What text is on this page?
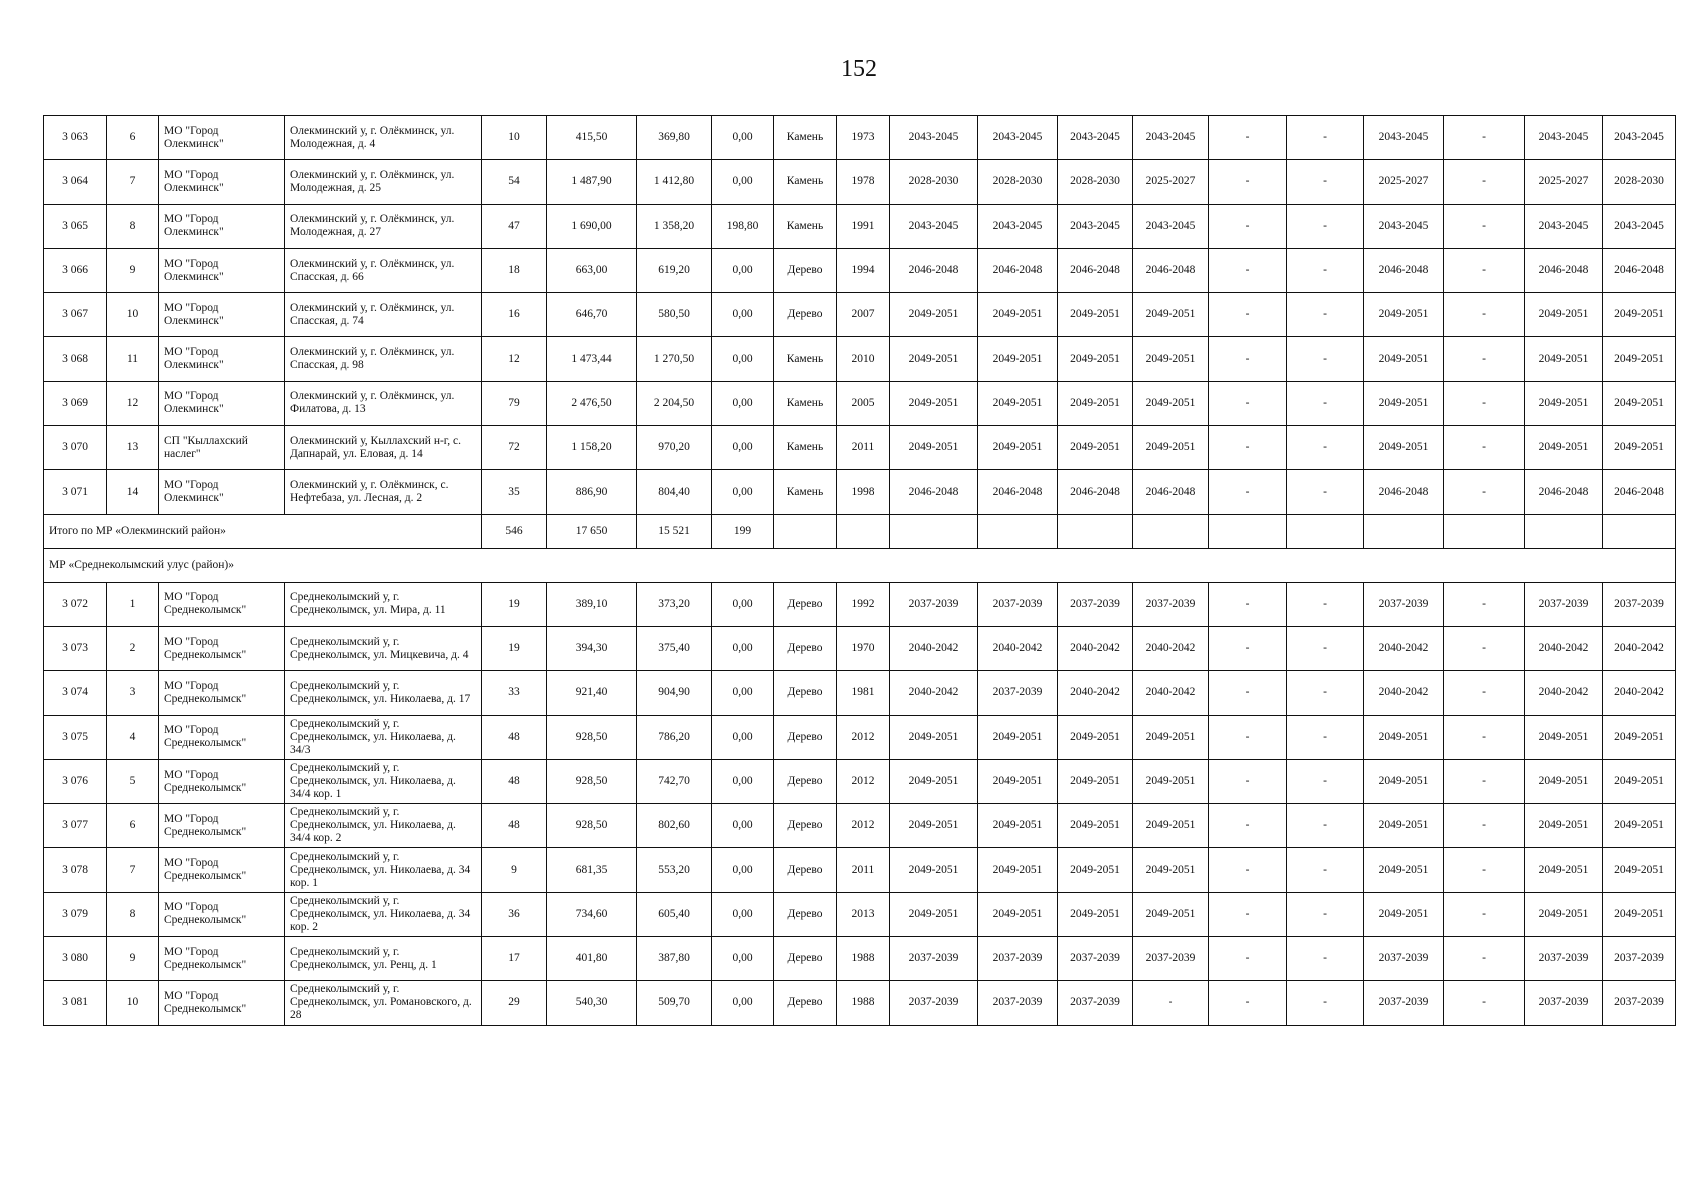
152
3 063	6	МО "Город Олекминск"	Олекминский у, г. Олёкминск, ул. Молодежная, д. 4	10	415,50	369,80	0,00	Камень	1973	2043-2045	2043-2045	2043-2045	2043-2045	-	-	2043-2045	-	2043-2045	2043-2045
3 064	7	МО "Город Олекминск"	Олекминский у, г. Олёкминск, ул. Молодежная, д. 25	54	1 487,90	1 412,80	0,00	Камень	1978	2028-2030	2028-2030	2028-2030	2025-2027	-	-	2025-2027	-	2025-2027	2028-2030
3 065	8	МО "Город Олекминск"	Олекминский у, г. Олёкминск, ул. Молодежная, д. 27	47	1 690,00	1 358,20	198,80	Камень	1991	2043-2045	2043-2045	2043-2045	2043-2045	-	-	2043-2045	-	2043-2045	2043-2045
3 066	9	МО "Город Олекминск"	Олекминский у, г. Олёкминск, ул. Спасская, д. 66	18	663,00	619,20	0,00	Дерево	1994	2046-2048	2046-2048	2046-2048	2046-2048	-	-	2046-2048	-	2046-2048	2046-2048
3 067	10	МО "Город Олекминск"	Олекминский у, г. Олёкминск, ул. Спасская, д. 74	16	646,70	580,50	0,00	Дерево	2007	2049-2051	2049-2051	2049-2051	2049-2051	-	-	2049-2051	-	2049-2051	2049-2051
3 068	11	МО "Город Олекминск"	Олекминский у, г. Олёкминск, ул. Спасская, д. 98	12	1 473,44	1 270,50	0,00	Камень	2010	2049-2051	2049-2051	2049-2051	2049-2051	-	-	2049-2051	-	2049-2051	2049-2051
3 069	12	МО "Город Олекминск"	Олекминский у, г. Олёкминск, ул. Филатова, д. 13	79	2 476,50	2 204,50	0,00	Камень	2005	2049-2051	2049-2051	2049-2051	2049-2051	-	-	2049-2051	-	2049-2051	2049-2051
3 070	13	СП "Кыллахский наслег"	Олекминский у, Кыллахский н-г, с. Дапнарай, ул. Еловая, д. 14	72	1 158,20	970,20	0,00	Камень	2011	2049-2051	2049-2051	2049-2051	2049-2051	-	-	2049-2051	-	2049-2051	2049-2051
3 071	14	МО "Город Олекминск"	Олекминский у, г. Олёкминск, с. Нефтебаза, ул. Лесная, д. 2	35	886,90	804,40	0,00	Камень	1998	2046-2048	2046-2048	2046-2048	2046-2048	-	-	2046-2048	-	2046-2048	2046-2048
Итого по МР «Олекминский район»				546	17 650	15 521	199												
МР «Среднеколымский улус (район)»																			
3 072	1	МО "Город Среднеколымск"	Среднеколымский у, г. Среднеколымск, ул. Мира, д. 11	19	389,10	373,20	0,00	Дерево	1992	2037-2039	2037-2039	2037-2039	2037-2039	-	-	2037-2039	-	2037-2039	2037-2039
3 073	2	МО "Город Среднеколымск"	Среднеколымский у, г. Среднеколымск, ул. Мицкевича, д. 4	19	394,30	375,40	0,00	Дерево	1970	2040-2042	2040-2042	2040-2042	2040-2042	-	-	2040-2042	-	2040-2042	2040-2042
3 074	3	МО "Город Среднеколымск"	Среднеколымский у, г. Среднеколымск, ул. Николаева, д. 17	33	921,40	904,90	0,00	Дерево	1981	2040-2042	2037-2039	2040-2042	2040-2042	-	-	2040-2042	-	2040-2042	2040-2042
3 075	4	МО "Город Среднеколымск"	Среднеколымский у, г. Среднеколымск, ул. Николаева, д. 34/3	48	928,50	786,20	0,00	Дерево	2012	2049-2051	2049-2051	2049-2051	2049-2051	-	-	2049-2051	-	2049-2051	2049-2051
3 076	5	МО "Город Среднеколымск"	Среднеколымский у, г. Среднеколымск, ул. Николаева, д. 34/4 кор. 1	48	928,50	742,70	0,00	Дерево	2012	2049-2051	2049-2051	2049-2051	2049-2051	-	-	2049-2051	-	2049-2051	2049-2051
3 077	6	МО "Город Среднеколымск"	Среднеколымский у, г. Среднеколымск, ул. Николаева, д. 34/4 кор. 2	48	928,50	802,60	0,00	Дерево	2012	2049-2051	2049-2051	2049-2051	2049-2051	-	-	2049-2051	-	2049-2051	2049-2051
3 078	7	МО "Город Среднеколымск"	Среднеколымский у, г. Среднеколымск, ул. Николаева, д. 34 кор. 1	9	681,35	553,20	0,00	Дерево	2011	2049-2051	2049-2051	2049-2051	2049-2051	-	-	2049-2051	-	2049-2051	2049-2051
3 079	8	МО "Город Среднеколымск"	Среднеколымский у, г. Среднеколымск, ул. Николаева, д. 34 кор. 2	36	734,60	605,40	0,00	Дерево	2013	2049-2051	2049-2051	2049-2051	2049-2051	-	-	2049-2051	-	2049-2051	2049-2051
3 080	9	МО "Город Среднеколымск"	Среднеколымский у, г. Среднеколымск, ул. Ренц, д. 1	17	401,80	387,80	0,00	Дерево	1988	2037-2039	2037-2039	2037-2039	2037-2039	-	-	2037-2039	-	2037-2039	2037-2039
3 081	10	МО "Город Среднеколымск"	Среднеколымский у, г. Среднеколымск, ул. Романовского, д. 28	29	540,30	509,70	0,00	Дерево	1988	2037-2039	2037-2039	2037-2039	-	-	-	2037-2039	-	2037-2039	2037-2039
